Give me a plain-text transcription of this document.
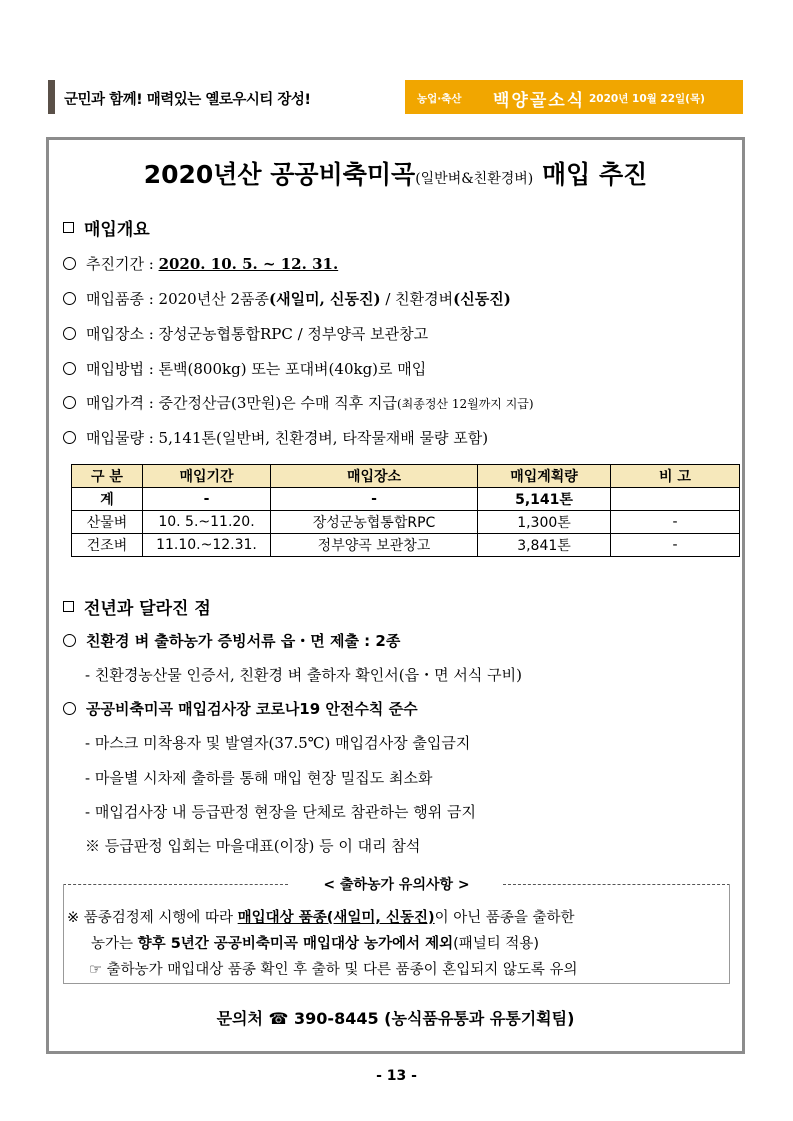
군민과 함께! 매력있는 옐로우시티 장성!	농업·축산 백양골소식 2020년 10월 22일(목)
2020년산 공공비축미곡(일반벼&친환경벼) 매입 추진
매입개요
추진기간 : 2020. 10. 5. ~ 12. 31.
매입품종 : 2020년산 2품종(새일미, 신동진) / 친환경벼(신동진)
매입장소 : 장성군농협통합RPC / 정부양곡 보관창고
매입방법 : 톤백(800kg) 또는 포대벼(40kg)로 매입
매입가격 : 중간정산금(3만원)은 수매 직후 지급(최종정산 12월까지 지급)
매입물량 : 5,141톤(일반벼, 친환경벼, 타작물재배 물량 포함)
구 분	매입기간	매입장소	매입계획량	비 고
계	-	-	5,141톤	
산물벼	10. 5.~11.20.	장성군농협통합RPC	1,300톤	-
건조벼	11.10.~12.31.	정부양곡 보관창고	3,841톤	-
전년과 달라진 점
친환경 벼 출하농가 증빙서류 읍・면 제출 : 2종
- 친환경농산물 인증서, 친환경 벼 출하자 확인서(읍・면 서식 구비)
공공비축미곡 매입검사장 코로나19 안전수칙 준수
- 마스크 미착용자 및 발열자(37.5℃) 매입검사장 출입금지
- 마을별 시차제 출하를 통해 매입 현장 밀집도 최소화
- 매입검사장 내 등급판정 현장을 단체로 참관하는 행위 금지
※ 등급판정 입회는 마을대표(이장) 등 이 대리 참석
< 출하농가 유의사항 >
※ 품종검정제 시행에 따라 매입대상 품종(새일미, 신동진)이 아닌 품종을 출하한
농가는 향후 5년간 공공비축미곡 매입대상 농가에서 제외(패널티 적용)
☞ 출하농가 매입대상 품종 확인 후 출하 및 다른 품종이 혼입되지 않도록 유의
문의처 ☎ 390-8445 (농식품유통과 유통기획팀)
- 13 -
